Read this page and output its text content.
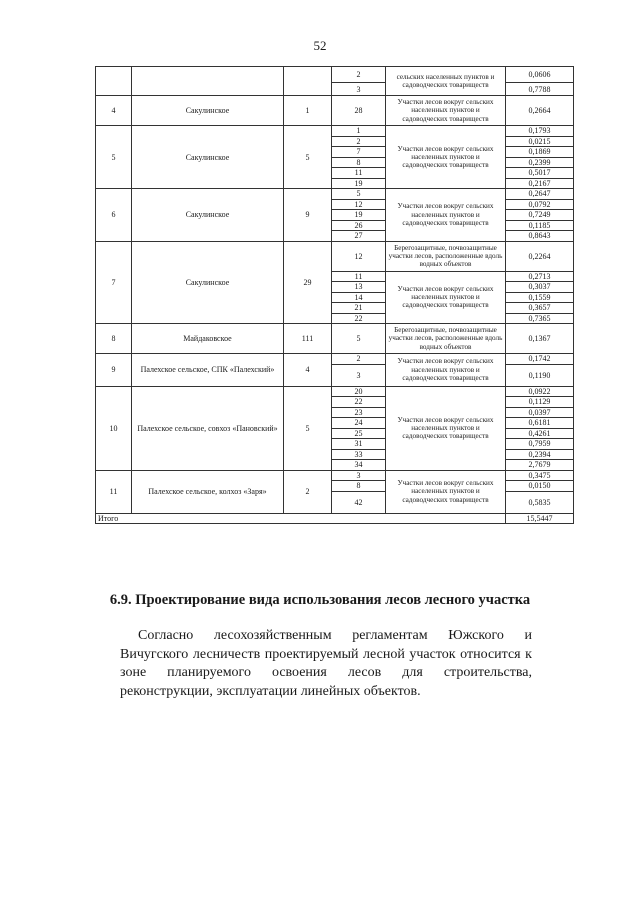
52
			2	сельских населенных пунктов и садоводческих товариществ	0,0606
			3		0,7788
4	Сакулинское	1	28	Участки лесов вокруг сельских населенных пунктов и садоводческих товариществ	0,2664
5	Сакулинское	5	1	Участки лесов вокруг сельских населенных пунктов и садоводческих товариществ	0,1793
			2		0,0215
			7		0,1869
			8		0,2399
			11		0,5017
			19		0,2167
6	Сакулинское	9	5	Участки лесов вокруг сельских населенных пунктов и садоводческих товариществ	0,2647
			12		0,0792
			19		0,7249
			26		0,1185
			27		0,8643
7	Сакулинское	29	12	Берегозащитные, почвозащитные участки лесов, расположенные вдоль водных объектов	0,2264
			11	Участки лесов вокруг сельских населенных пунктов и садоводческих товариществ	0,2713
			13		0,3037
			14		0,1559
			21		0,3657
			22		0,7365
8	Майдаковское	111	5	Берегозащитные, почвозащитные участки лесов, расположенные вдоль водных объектов	0,1367
9	Палехское сельское, СПК «Палехский»	4	2	Участки лесов вокруг сельских населенных пунктов и садоводческих товариществ	0,1742
			3		0,1190
10	Палехское сельское, совхоз «Пановский»	5	20	Участки лесов вокруг сельских населенных пунктов и садоводческих товариществ	0,0922
			22		0,1129
			23		0,0397
			24		0,6181
			25		0,4261
			31		0,7959
			33		0,2394
			34		2,7679
11	Палехское сельское, колхоз «Заря»	2	3	Участки лесов вокруг сельских населенных пунктов и садоводческих товариществ	0,3475
			8		0,0150
			42		0,5835
Итого					15,5447
6.9. Проектирование вида использования лесов лесного участка

Согласно лесохозяйственным регламентам Южского и Вичугского лесничеств проектируемый лесной участок относится к зоне планируемого освоения лесов для строительства, реконструкции, эксплуатации линейных объектов.
